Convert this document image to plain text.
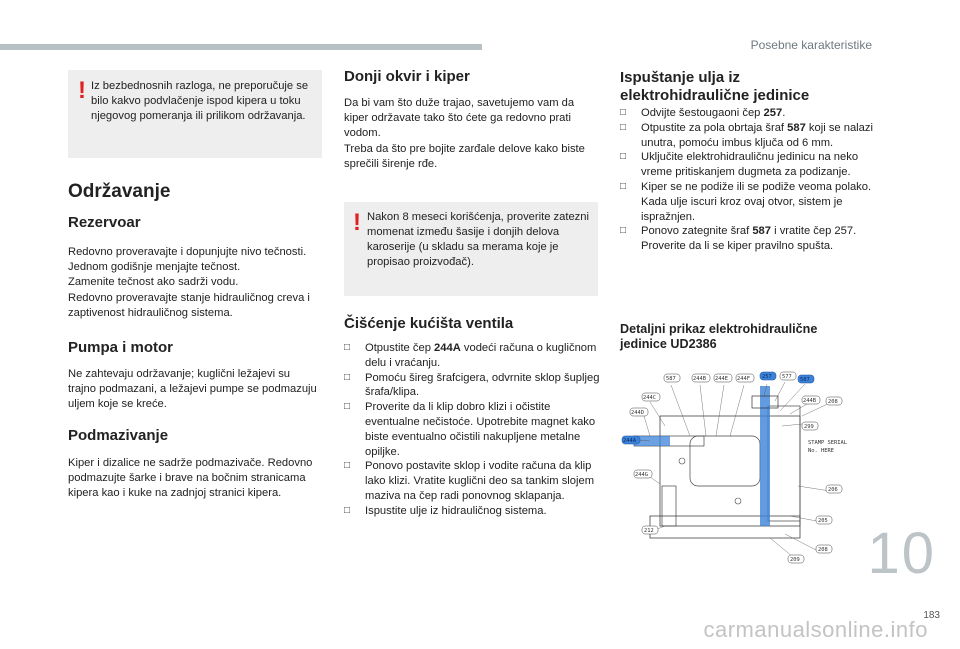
Posebne karakteristike
! Iz bezbednosnih razloga, ne preporučuje se bilo kakvo podvlačenje ispod kipera u toku njegovog pomeranja ili prilikom održavanja.
Održavanje
Rezervoar

Redovno proveravajte i dopunjujte nivo tečnosti. Jednom godišnje menjajte tečnost.

Zamenite tečnost ako sadrži vodu.

Redovno proveravajte stanje hidrauličnog creva i zaptivenost hidrauličnog sistema.

Pumpa i motor
Ne zahtevaju održavanje; kuglični ležajevi su trajno podmazani, a ležajevi pumpe se podmazuju uljem koje se kreće.
Podmazivanje
Kiper i dizalice ne sadrže podmazivače. Redovno podmazujte šarke i brave na bočnim stranicama kipera kao i kuke na zadnjoj stranici kipera.
Donji okvir i kiper

Da bi vam što duže trajao, savetujemo vam da kiper održavate tako što ćete ga redovno prati vodom.

Treba da što pre bojite zarđale delove kako biste sprečili širenje rđe.

! Nakon 8 meseci korišćenja, proverite zatezni momenat između šasije i donjih delova karoserije (u skladu sa merama koje je propisao proizvođač).
Čišćenje kućišta ventila
□ Otpustite čep 244A vodeći računa o kugličnom delu i vraćanju.
□ Pomoću šireg šrafcigera, odvrnite sklop šupljeg šrafa/klipa.
□ Proverite da li klip dobro klizi i očistite eventualne nečistoće. Upotrebite magnet kako biste eventualno očistili nakupljene metalne opiljke.
□ Ponovo postavite sklop i vodite računa da klip lako klizi. Vratite kuglični deo sa tankim slojem maziva na čep radi ponovnog sklapanja.
□ Ispustite ulje iz hidrauličnog sistema.
Ispuštanje ulja iz
elektrohidraulične jedinice
□ Odvijte šestougaoni čep 257.
□ Otpustite za pola obrtaja šraf 587 koji se nalazi unutra, pomoću imbus ključa od 6 mm.
□ Uključite elektrohidrauličnu jedinicu na neko vreme pritiskanjem dugmeta za podizanje.
□ Kiper se ne podiže ili se podiže veoma polako. Kada ulje iscuri kroz ovaj otvor, sistem je ispražnjen.
□ Ponovo zategnite šraf 587 i vratite čep 257. Proverite da li se kiper pravilno spušta.
Detaljni prikaz elektrohidraulične
jedinice UD2386
587	244B 244E 244F 257 577 587
244C
244D
244A
244B
244G
208
299
206
205
208
209
212
STAMP SERIAL
No. HERE
10
183
carmanualsonline.info
